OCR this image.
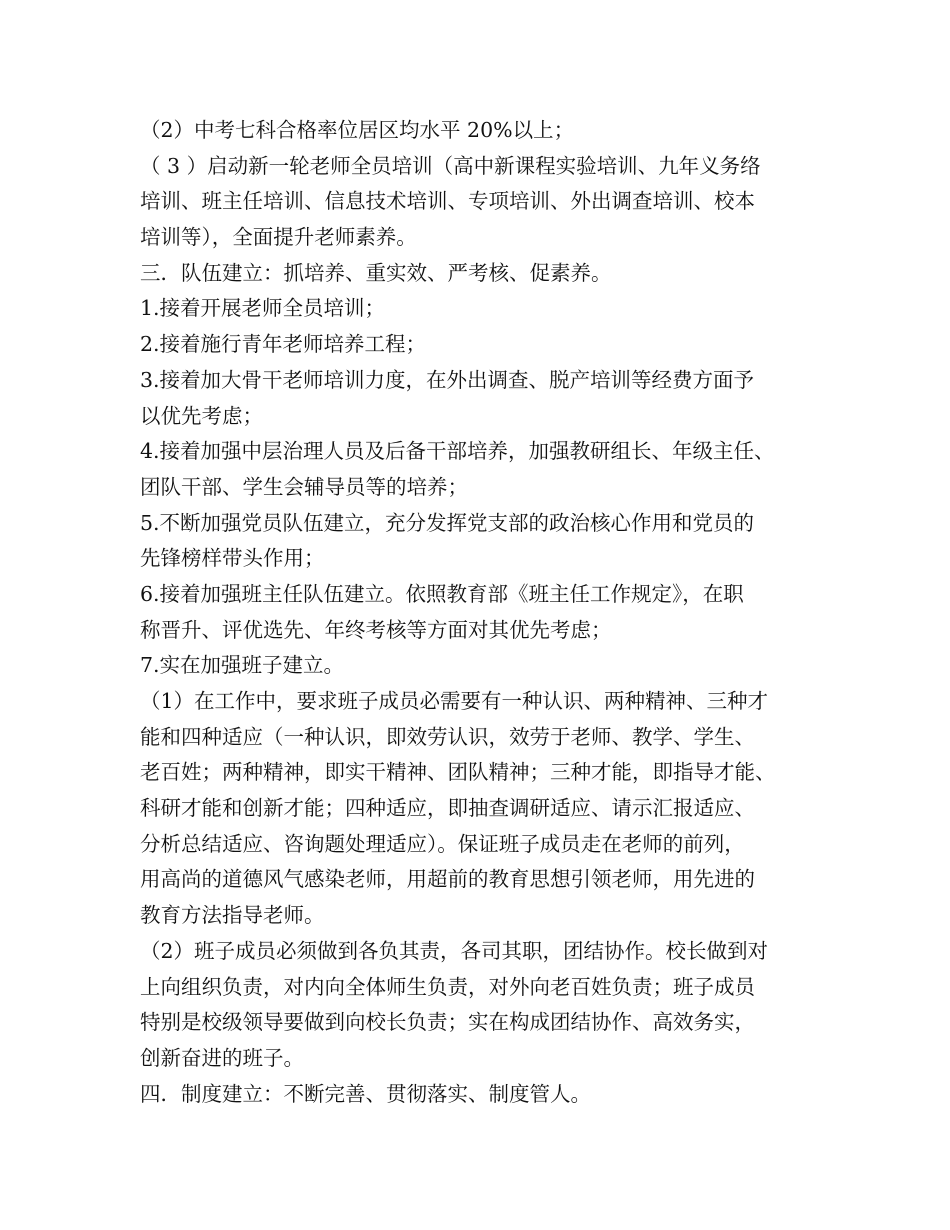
（2）中考七科合格率位居区均水平 20%以上；
（ 3 ）启动新一轮老师全员培训（高中新课程实验培训、九年义务络
培训、班主任培训、信息技术培训、专项培训、外出调查培训、校本
培训等），全面提升老师素养。
三．队伍建立：抓培养、重实效、严考核、促素养。
1.接着开展老师全员培训；
2.接着施行青年老师培养工程；
3.接着加大骨干老师培训力度，在外出调查、脱产培训等经费方面予
以优先考虑；
4.接着加强中层治理人员及后备干部培养，加强教研组长、年级主任、
团队干部、学生会辅导员等的培养；
5.不断加强党员队伍建立，充分发挥党支部的政治核心作用和党员的
先锋榜样带头作用；
6.接着加强班主任队伍建立。依照教育部《班主任工作规定》，在职
称晋升、评优选先、年终考核等方面对其优先考虑；
7.实在加强班子建立。
（1）在工作中，要求班子成员必需要有一种认识、两种精神、三种才
能和四种适应（一种认识，即效劳认识，效劳于老师、教学、学生、
老百姓；两种精神，即实干精神、团队精神；三种才能，即指导才能、
科研才能和创新才能；四种适应，即抽查调研适应、请示汇报适应、
分析总结适应、咨询题处理适应）。保证班子成员走在老师的前列，
用高尚的道德风气感染老师，用超前的教育思想引领老师，用先进的
教育方法指导老师。
（2）班子成员必须做到各负其责，各司其职，团结协作。校长做到对
上向组织负责，对内向全体师生负责，对外向老百姓负责；班子成员
特别是校级领导要做到向校长负责；实在构成团结协作、高效务实，
创新奋进的班子。
四．制度建立：不断完善、贯彻落实、制度管人。
